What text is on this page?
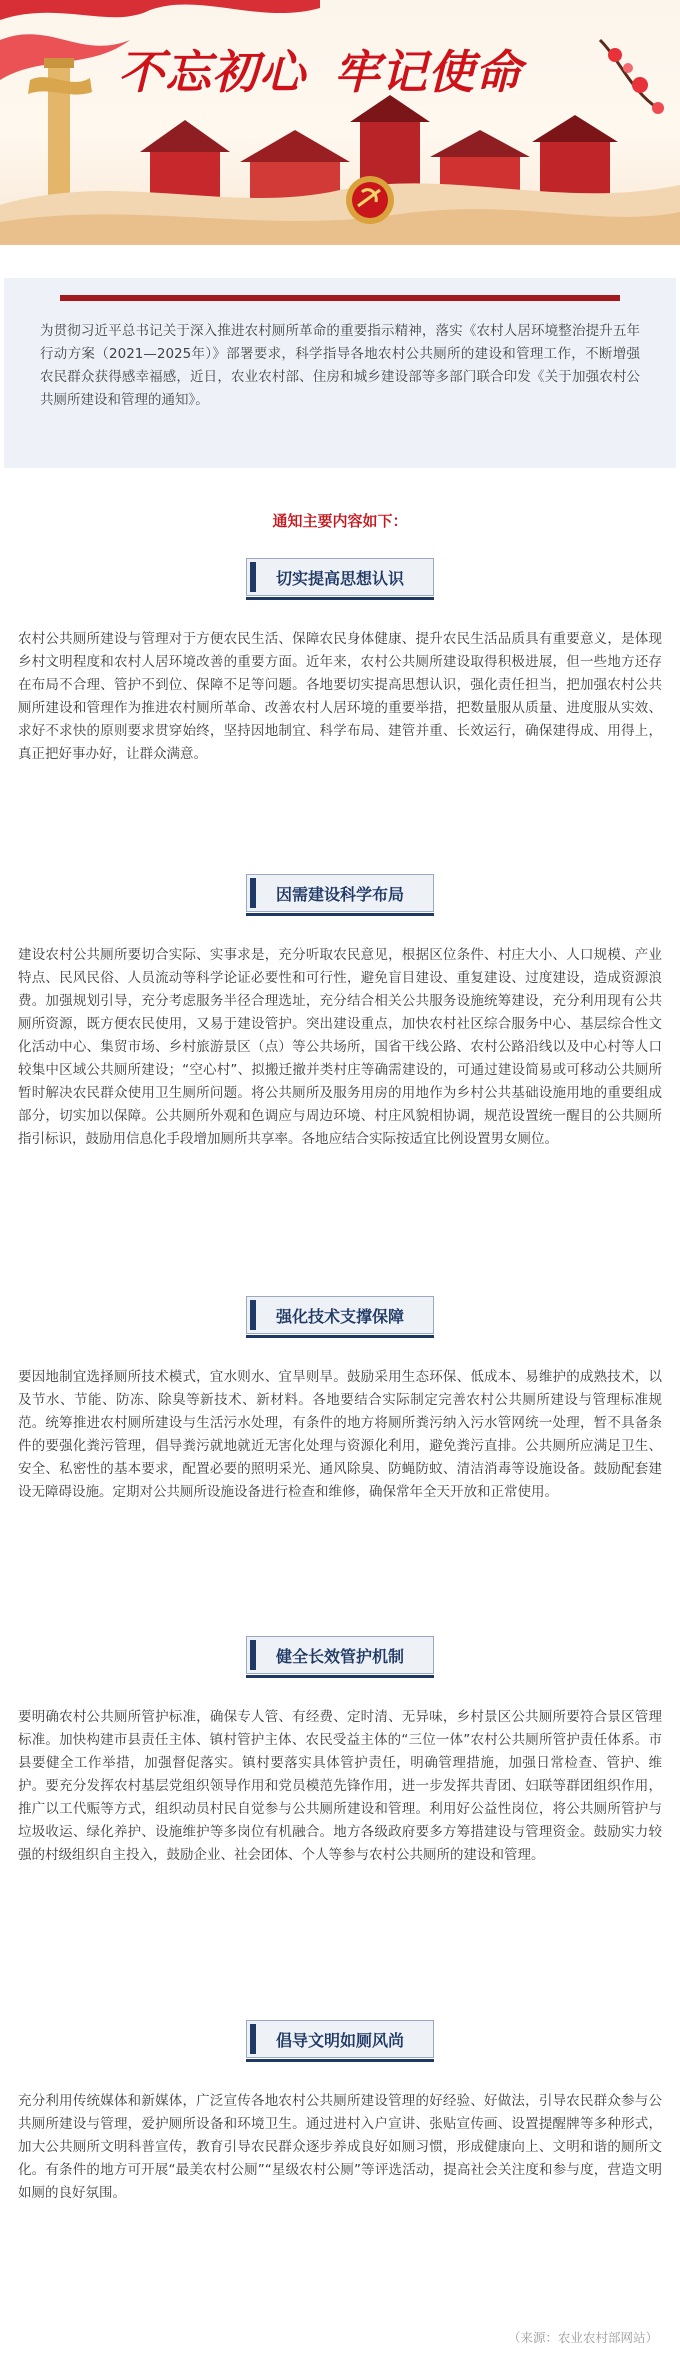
不忘初心 牢记使命
为贯彻习近平总书记关于深入推进农村厕所革命的重要指示精神，落实《农村人居环境整治提升五年行动方案（2021—2025年）》部署要求，科学指导各地农村公共厕所的建设和管理工作，不断增强农民群众获得感幸福感，近日，农业农村部、住房和城乡建设部等多部门联合印发《关于加强农村公共厕所建设和管理的通知》。
通知主要内容如下：
切实提高思想认识
农村公共厕所建设与管理对于方便农民生活、保障农民身体健康、提升农民生活品质具有重要意义，是体现乡村文明程度和农村人居环境改善的重要方面。近年来，农村公共厕所建设取得积极进展，但一些地方还存在布局不合理、管护不到位、保障不足等问题。各地要切实提高思想认识，强化责任担当，把加强农村公共厕所建设和管理作为推进农村厕所革命、改善农村人居环境的重要举措，把数量服从质量、进度服从实效、求好不求快的原则要求贯穿始终，坚持因地制宜、科学布局、建管并重、长效运行，确保建得成、用得上，真正把好事办好，让群众满意。
因需建设科学布局
建设农村公共厕所要切合实际、实事求是，充分听取农民意见，根据区位条件、村庄大小、人口规模、产业特点、民风民俗、人员流动等科学论证必要性和可行性，避免盲目建设、重复建设、过度建设，造成资源浪费。加强规划引导，充分考虑服务半径合理选址，充分结合相关公共服务设施统筹建设，充分利用现有公共厕所资源，既方便农民使用，又易于建设管护。突出建设重点，加快农村社区综合服务中心、基层综合性文化活动中心、集贸市场、乡村旅游景区（点）等公共场所，国省干线公路、农村公路沿线以及中心村等人口较集中区域公共厕所建设；“空心村”、拟搬迁撤并类村庄等确需建设的，可通过建设简易或可移动公共厕所暂时解决农民群众使用卫生厕所问题。将公共厕所及服务用房的用地作为乡村公共基础设施用地的重要组成部分，切实加以保障。公共厕所外观和色调应与周边环境、村庄风貌相协调，规范设置统一醒目的公共厕所指引标识，鼓励用信息化手段增加厕所共享率。各地应结合实际按适宜比例设置男女厕位。
强化技术支撑保障
要因地制宜选择厕所技术模式，宜水则水、宜旱则旱。鼓励采用生态环保、低成本、易维护的成熟技术，以及节水、节能、防冻、除臭等新技术、新材料。各地要结合实际制定完善农村公共厕所建设与管理标准规范。统筹推进农村厕所建设与生活污水处理，有条件的地方将厕所粪污纳入污水管网统一处理，暂不具备条件的要强化粪污管理，倡导粪污就地就近无害化处理与资源化利用，避免粪污直排。公共厕所应满足卫生、安全、私密性的基本要求，配置必要的照明采光、通风除臭、防蝇防蚊、清洁消毒等设施设备。鼓励配套建设无障碍设施。定期对公共厕所设施设备进行检查和维修，确保常年全天开放和正常使用。
健全长效管护机制
要明确农村公共厕所管护标准，确保专人管、有经费、定时清、无异味，乡村景区公共厕所要符合景区管理标准。加快构建市县责任主体、镇村管护主体、农民受益主体的“三位一体”农村公共厕所管护责任体系。市县要健全工作举措，加强督促落实。镇村要落实具体管护责任，明确管理措施，加强日常检查、管护、维护。要充分发挥农村基层党组织领导作用和党员模范先锋作用，进一步发挥共青团、妇联等群团组织作用，推广以工代赈等方式，组织动员村民自觉参与公共厕所建设和管理。利用好公益性岗位，将公共厕所管护与垃圾收运、绿化养护、设施维护等多岗位有机融合。地方各级政府要多方筹措建设与管理资金。鼓励实力较强的村级组织自主投入，鼓励企业、社会团体、个人等参与农村公共厕所的建设和管理。
倡导文明如厕风尚
充分利用传统媒体和新媒体，广泛宣传各地农村公共厕所建设管理的好经验、好做法，引导农民群众参与公共厕所建设与管理，爱护厕所设备和环境卫生。通过进村入户宣讲、张贴宣传画、设置提醒牌等多种形式，加大公共厕所文明科普宣传，教育引导农民群众逐步养成良好如厕习惯，形成健康向上、文明和谐的厕所文化。有条件的地方可开展“最美农村公厕”“星级农村公厕”等评选活动，提高社会关注度和参与度，营造文明如厕的良好氛围。
（来源：农业农村部网站）
